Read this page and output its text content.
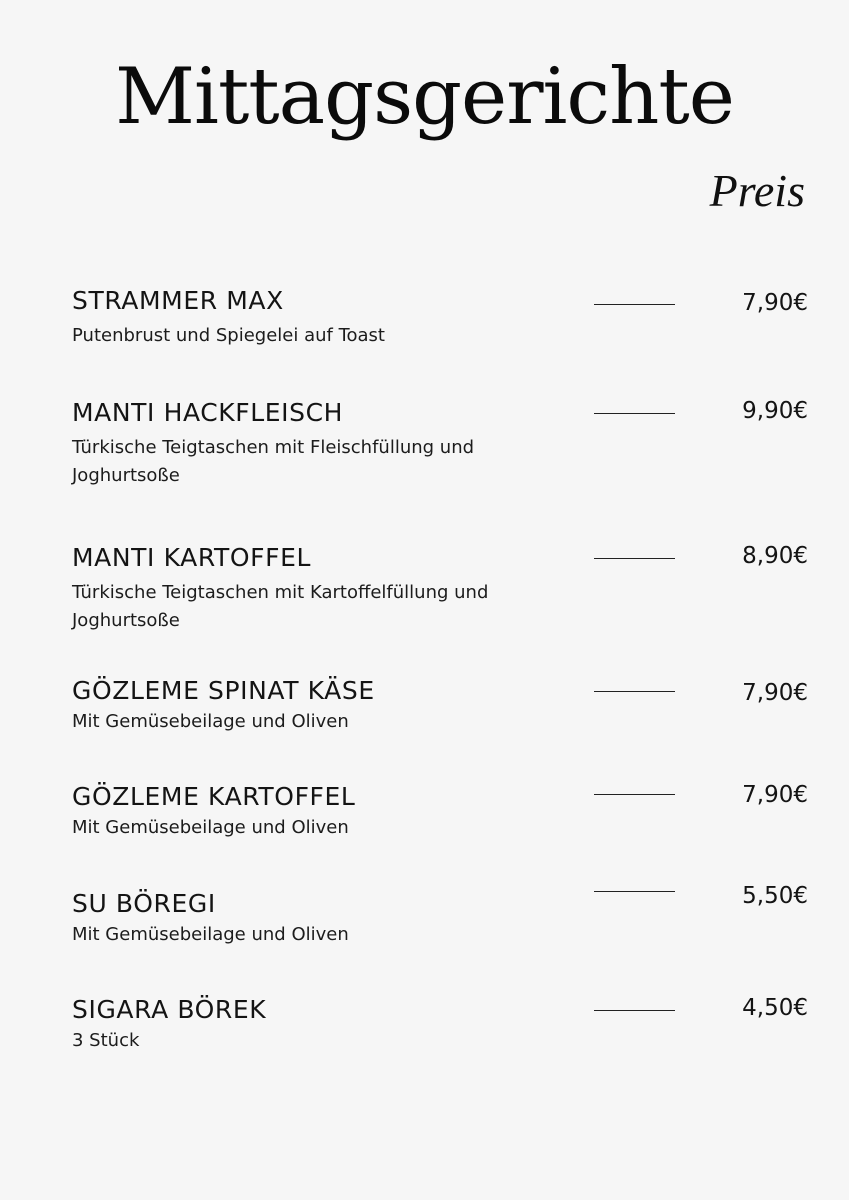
Mittagsgerichte
Preis
STRAMMER MAX
Putenbrust und Spiegelei auf Toast
7,90€
MANTI HACKFLEISCH
Türkische Teigtaschen mit Fleischfüllung und Joghurtsoße
9,90€
MANTI KARTOFFEL
Türkische Teigtaschen mit Kartoffelfüllung und Joghurtsoße
8,90€
GÖZLEME SPINAT KÄSE
Mit Gemüsebeilage und Oliven
7,90€
GÖZLEME KARTOFFEL
Mit Gemüsebeilage und Oliven
7,90€
SU BÖREGI
Mit Gemüsebeilage und Oliven
5,50€
SIGARA BÖREK
3 Stück
4,50€
